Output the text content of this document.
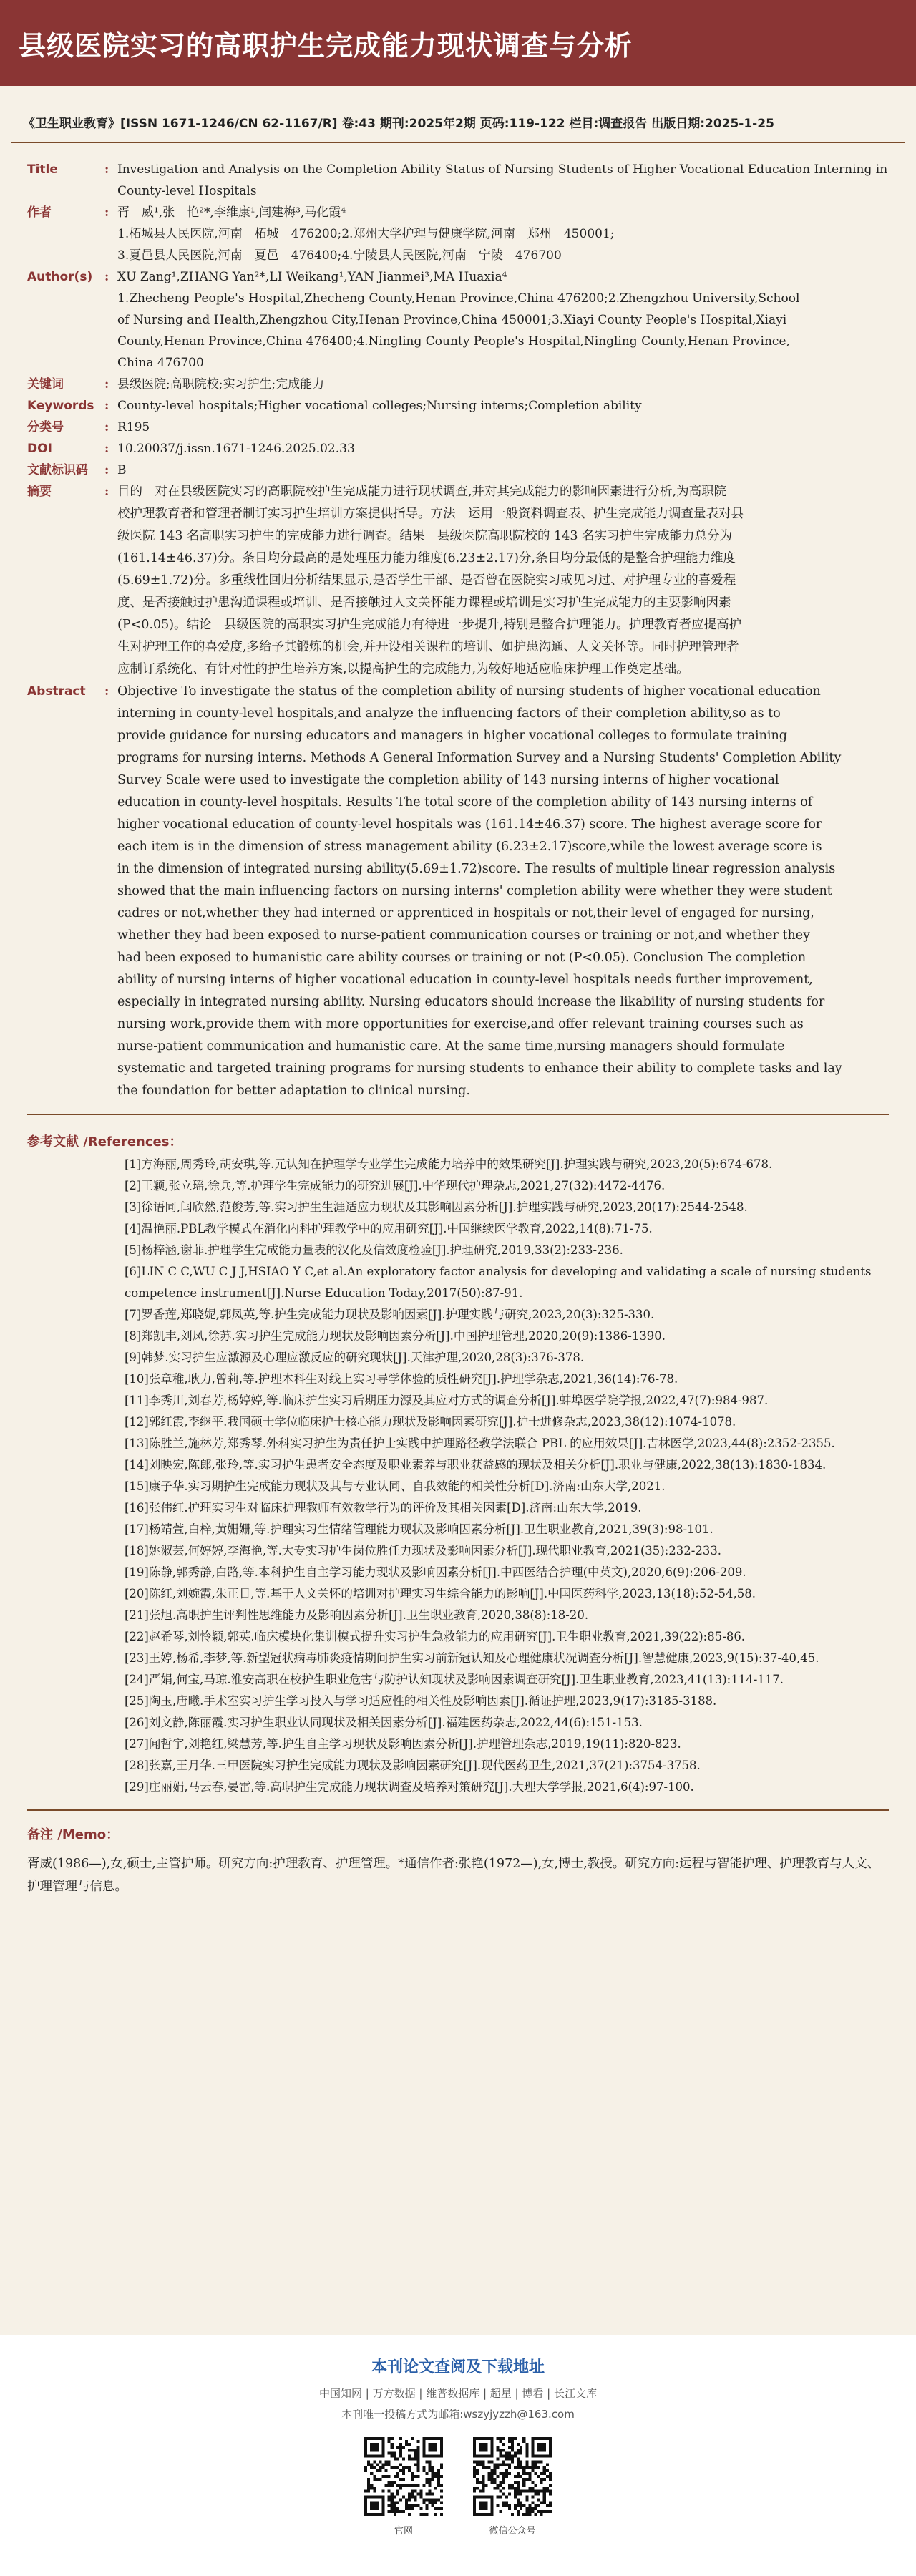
县级医院实习的高职护生完成能力现状调查与分析
《卫生职业教育》[ISSN 1671-1246/CN 62-1167/R] 卷:43 期刊:2025年2期 页码:119-122 栏目:调查报告 出版日期:2025-1-25
Title	: Investigation and Analysis on the Completion Ability Status of Nursing Students of Higher Vocational Education Interning in
County-level Hospitals
作者	: 胥　威¹,张　艳²*,李维康¹,闫建梅³,马化霞⁴
1.柘城县人民医院,河南　柘城　476200;2.郑州大学护理与健康学院,河南　郑州　450001;
3.夏邑县人民医院,河南　夏邑　476400;4.宁陵县人民医院,河南　宁陵　476700
Author(s) : XU Zang¹,ZHANG Yan²*,LI Weikang¹,YAN Jianmei³,MA Huaxia⁴
1.Zhecheng People's Hospital,Zhecheng County,Henan Province,China 476200;2.Zhengzhou University,School
of Nursing and Health,Zhengzhou City,Henan Province,China 450001;3.Xiayi County People's Hospital,Xiayi
County,Henan Province,China 476400;4.Ningling County People's Hospital,Ningling County,Henan Province,
China 476700
关键词	: 县级医院;高职院校;实习护生;完成能力
Keywords : County-level hospitals;Higher vocational colleges;Nursing interns;Completion ability
分类号	: R195
DOI	: 10.20037/j.issn.1671-1246.2025.02.33
文献标识码	: B
摘要	: 目的　对在县级医院实习的高职院校护生完成能力进行现状调查,并对其完成能力的影响因素进行分析,为高职院
校护理教育者和管理者制订实习护生培训方案提供指导。方法　运用一般资料调查表、护生完成能力调查量表对县
级医院 143 名高职实习护生的完成能力进行调查。结果　县级医院高职院校的 143 名实习护生完成能力总分为
(161.14±46.37)分。条目均分最高的是处理压力能力维度(6.23±2.17)分,条目均分最低的是整合护理能力维度
(5.69±1.72)分。多重线性回归分析结果显示,是否学生干部、是否曾在医院实习或见习过、对护理专业的喜爱程
度、是否接触过护患沟通课程或培训、是否接触过人文关怀能力课程或培训是实习护生完成能力的主要影响因素
(P<0.05)。结论　县级医院的高职实习护生完成能力有待进一步提升,特别是整合护理能力。护理教育者应提高护
生对护理工作的喜爱度,多给予其锻炼的机会,并开设相关课程的培训、如护患沟通、人文关怀等。同时护理管理者
应制订系统化、有针对性的护生培养方案,以提高护生的完成能力,为较好地适应临床护理工作奠定基础。
Abstract	: Objective To investigate the status of the completion ability of nursing students of higher vocational education
interning in county-level hospitals,and analyze the influencing factors of their completion ability,so as to
provide guidance for nursing educators and managers in higher vocational colleges to formulate training
programs for nursing interns. Methods A General Information Survey and a Nursing Students' Completion Ability
Survey Scale were used to investigate the completion ability of 143 nursing interns of higher vocational
education in county-level hospitals. Results The total score of the completion ability of 143 nursing interns of
higher vocational education of county-level hospitals was (161.14±46.37) score. The highest average score for
each item is in the dimension of stress management ability (6.23±2.17)score,while the lowest average score is
in the dimension of integrated nursing ability(5.69±1.72)score. The results of multiple linear regression analysis
showed that the main influencing factors on nursing interns' completion ability were whether they were student
cadres or not,whether they had interned or apprenticed in hospitals or not,their level of engaged for nursing,
whether they had been exposed to nurse-patient communication courses or training or not,and whether they
had been exposed to humanistic care ability courses or training or not (P<0.05). Conclusion The completion
ability of nursing interns of higher vocational education in county-level hospitals needs further improvement,
especially in integrated nursing ability. Nursing educators should increase the likability of nursing students for
nursing work,provide them with more opportunities for exercise,and offer relevant training courses such as
nurse-patient communication and humanistic care. At the same time,nursing managers should formulate
systematic and targeted training programs for nursing students to enhance their ability to complete tasks and lay
the foundation for better adaptation to clinical nursing.
参考文献 /References：

[1]方海丽,周秀玲,胡安琪,等.元认知在护理学专业学生完成能力培养中的效果研究[J].护理实践与研究,2023,20(5):674-678.

[2]王颖,张立瑶,徐兵,等.护理学生完成能力的研究进展[J].中华现代护理杂志,2021,27(32):4472-4476.

[3]徐语同,闫欣然,范俊芳,等.实习护生生涯适应力现状及其影响因素分析[J].护理实践与研究,2023,20(17):2544-2548.

[4]温艳丽.PBL教学模式在消化内科护理教学中的应用研究[J].中国继续医学教育,2022,14(8):71-75.

[5]杨梓涵,谢菲.护理学生完成能力量表的汉化及信效度检验[J].护理研究,2019,33(2):233-236.

[6]LIN C C,WU C J J,HSIAO Y C,et al.An exploratory factor analysis for developing and validating a scale of nursing students competence instrument[J].Nurse Education Today,2017(50):87-91.

[7]罗香莲,郑晓妮,郭凤英,等.护生完成能力现状及影响因素[J].护理实践与研究,2023,20(3):325-330.

[8]郑凯丰,刘凤,徐苏.实习护生完成能力现状及影响因素分析[J].中国护理管理,2020,20(9):1386-1390.

[9]韩梦.实习护生应激源及心理应激反应的研究现状[J].天津护理,2020,28(3):376-378.

[10]张章稚,耿力,曾莉,等.护理本科生对线上实习导学体验的质性研究[J].护理学杂志,2021,36(14):76-78.

[11]李秀川,刘春芳,杨婷婷,等.临床护生实习后期压力源及其应对方式的调查分析[J].蚌埠医学院学报,2022,47(7):984-987.

[12]郭红霞,李继平.我国硕士学位临床护士核心能力现状及影响因素研究[J].护士进修杂志,2023,38(12):1074-1078.

[13]陈胜兰,施林芳,郑秀琴.外科实习护生为责任护士实践中护理路径教学法联合 PBL 的应用效果[J].吉林医学,2023,44(8):2352-2355.

[14]刘映宏,陈郎,张玲,等.实习护生患者安全态度及职业素养与职业获益感的现状及相关分析[J].职业与健康,2022,38(13):1830-1834.

[15]康子华.实习期护生完成能力现状及其与专业认同、自我效能的相关性分析[D].济南:山东大学,2021.

[16]张伟红.护理实习生对临床护理教师有效教学行为的评价及其相关因素[D].济南:山东大学,2019.

[17]杨靖萱,白梓,黄姗姗,等.护理实习生情绪管理能力现状及影响因素分析[J].卫生职业教育,2021,39(3):98-101.

[18]姚淑芸,何婷婷,李海艳,等.大专实习护生岗位胜任力现状及影响因素分析[J].现代职业教育,2021(35):232-233.

[19]陈静,郭秀静,白路,等.本科护生自主学习能力现状及影响因素分析[J].中西医结合护理(中英文),2020,6(9):206-209.

[20]陈红,刘婉霞,朱正日,等.基于人文关怀的培训对护理实习生综合能力的影响[J].中国医药科学,2023,13(18):52-54,58.

[21]张旭.高职护生评判性思维能力及影响因素分析[J].卫生职业教育,2020,38(8):18-20.

[22]赵希琴,刘怜颖,郭英.临床模块化集训模式提升实习护生急救能力的应用研究[J].卫生职业教育,2021,39(22):85-86.

[23]王婷,杨希,李梦,等.新型冠状病毒肺炎疫情期间护生实习前新冠认知及心理健康状况调查分析[J].智慧健康,2023,9(15):37-40,45.

[24]严娟,何宝,马琼.淮安高职在校护生职业危害与防护认知现状及影响因素调查研究[J].卫生职业教育,2023,41(13):114-117.

[25]陶玉,唐曦.手术室实习护生学习投入与学习适应性的相关性及影响因素[J].循证护理,2023,9(17):3185-3188.

[26]刘文静,陈丽霞.实习护生职业认同现状及相关因素分析[J].福建医药杂志,2022,44(6):151-153.

[27]闻哲宇,刘艳红,梁慧芳,等.护生自主学习现状及影响因素分析[J].护理管理杂志,2019,19(11):820-823.

[28]张嘉,王月华.三甲医院实习护生完成能力现状及影响因素研究[J].现代医药卫生,2021,37(21):3754-3758.

[29]庄丽娟,马云春,晏雷,等.高职护生完成能力现状调查及培养对策研究[J].大理大学学报,2021,6(4):97-100.

备注 /Memo：
胥威(1986—),女,硕士,主管护师。研究方向:护理教育、护理管理。*通信作者:张艳(1972—),女,博士,教授。研究方向:远程与智能护理、护理教育与人文、护理管理与信息。
本刊论文查阅及下载地址
中国知网 | 万方数据 | 维普数据库 | 超星 | 博看 | 长江文库
本刊唯一投稿方式为邮箱:wszyjyzzh@163.com
官网	微信公众号
